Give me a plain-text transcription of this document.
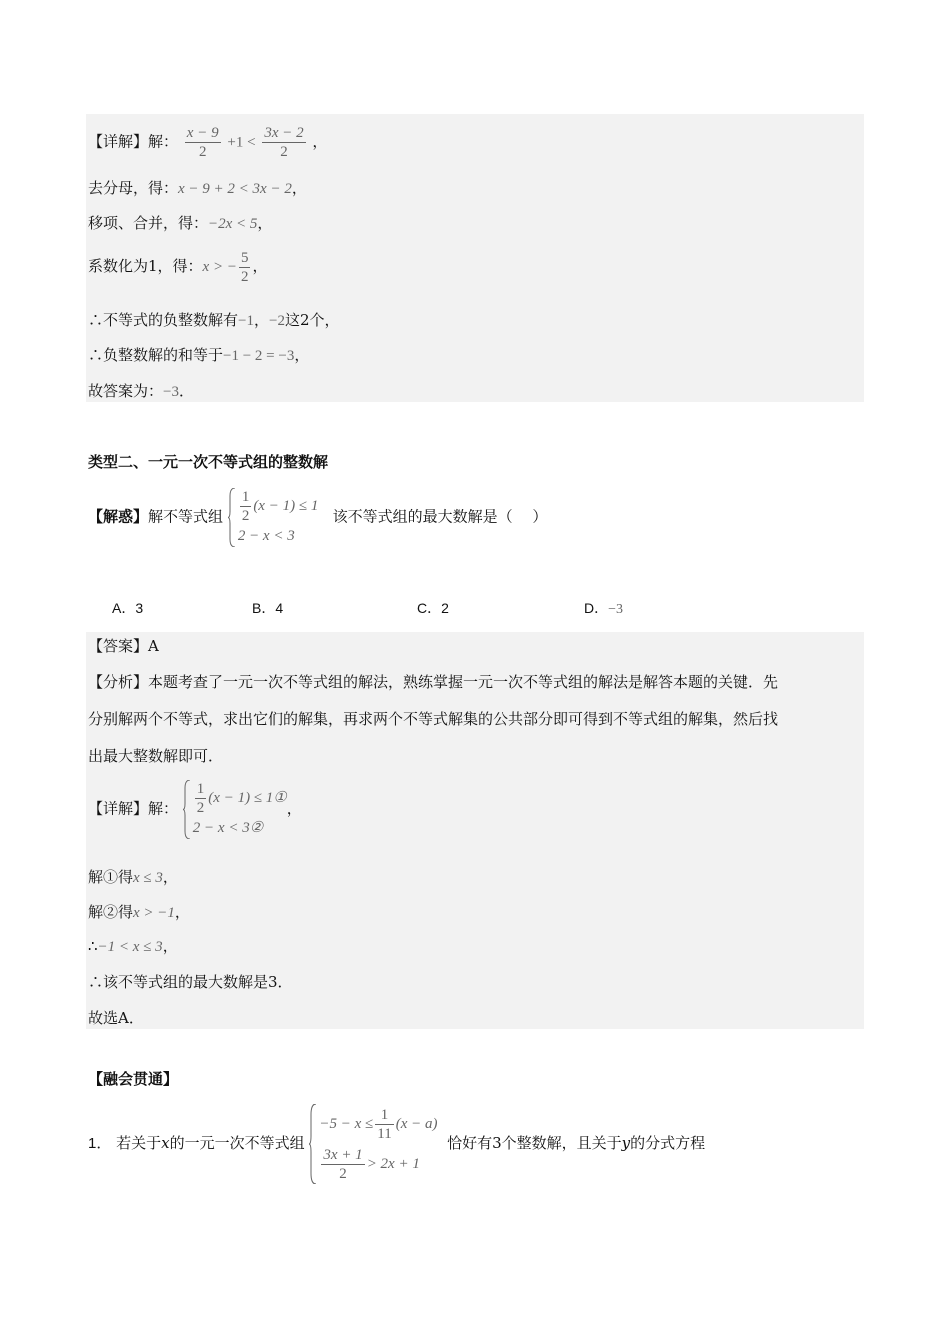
【详解】解： $\frac{x - 9}{2} +1 < \frac{3x - 2}{2}$ ，
去分母，得：x − 9 + 2 < 3x − 2，
移项、合并，得：−2x < 5，
系数化为1，得：x > − $\frac{5}{2}$ ，
∴不等式的负整数解有−1，−2这2个，
∴负整数解的和等于−1 − 2 = −3，
故答案为：−3．
类型二、一元一次不等式组的整数解
【解惑】解不等式组 $\frac{1}{2} (x - 1) \le 1$
2 − x < 3
该不等式组的最大数解是（　 ）
A．3	B．4	C．2	D．−3
【答案】A
【分析】本题考查了一元一次不等式组的解法，熟练掌握一元一次不等式组的解法是解答本题的关键．先
分别解两个不等式，求出它们的解集，再求两个不等式解集的公共部分即可得到不等式组的解集，然后找
出最大整数解即可．
【详解】解： $\frac{1}{2} (x - 1)$ ≤ 1①
2 − x < 3②
，
解①得x ≤ 3，
解②得x > −1，
∴−1 < x ≤ 3，
∴该不等式组的最大数解是3．
故选A．
【融会贯通】
1． 若关于x的一元一次不等式组
$-5 - x \le \frac{1}{11} (x - a)$
$\frac{3x + 1}{2} > 2x + 1$
恰好有3个整数解，且关于y的分式方程
